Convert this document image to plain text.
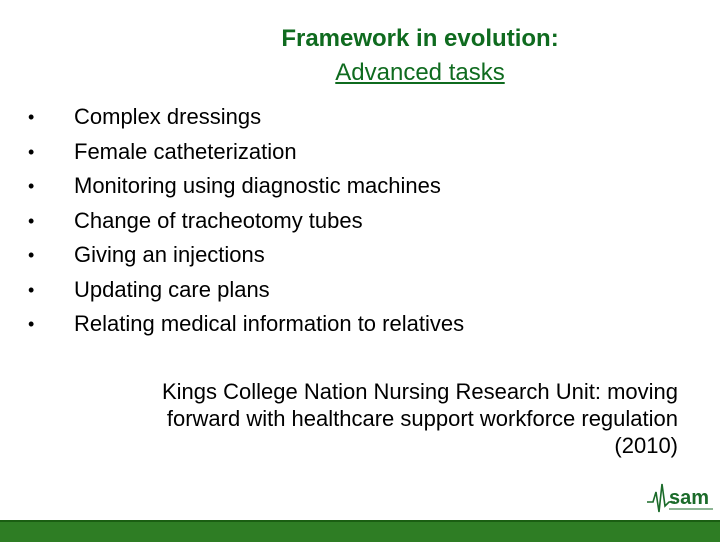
Framework in evolution:
Advanced tasks
•	Complex dressings
•	Female catheterization
•	Monitoring using diagnostic machines
•	Change of tracheotomy tubes
•	Giving an injections
•	Updating care plans
•	Relating medical information to relatives
Kings College Nation Nursing Research Unit: moving
forward with healthcare support workforce regulation
(2010)
sam
